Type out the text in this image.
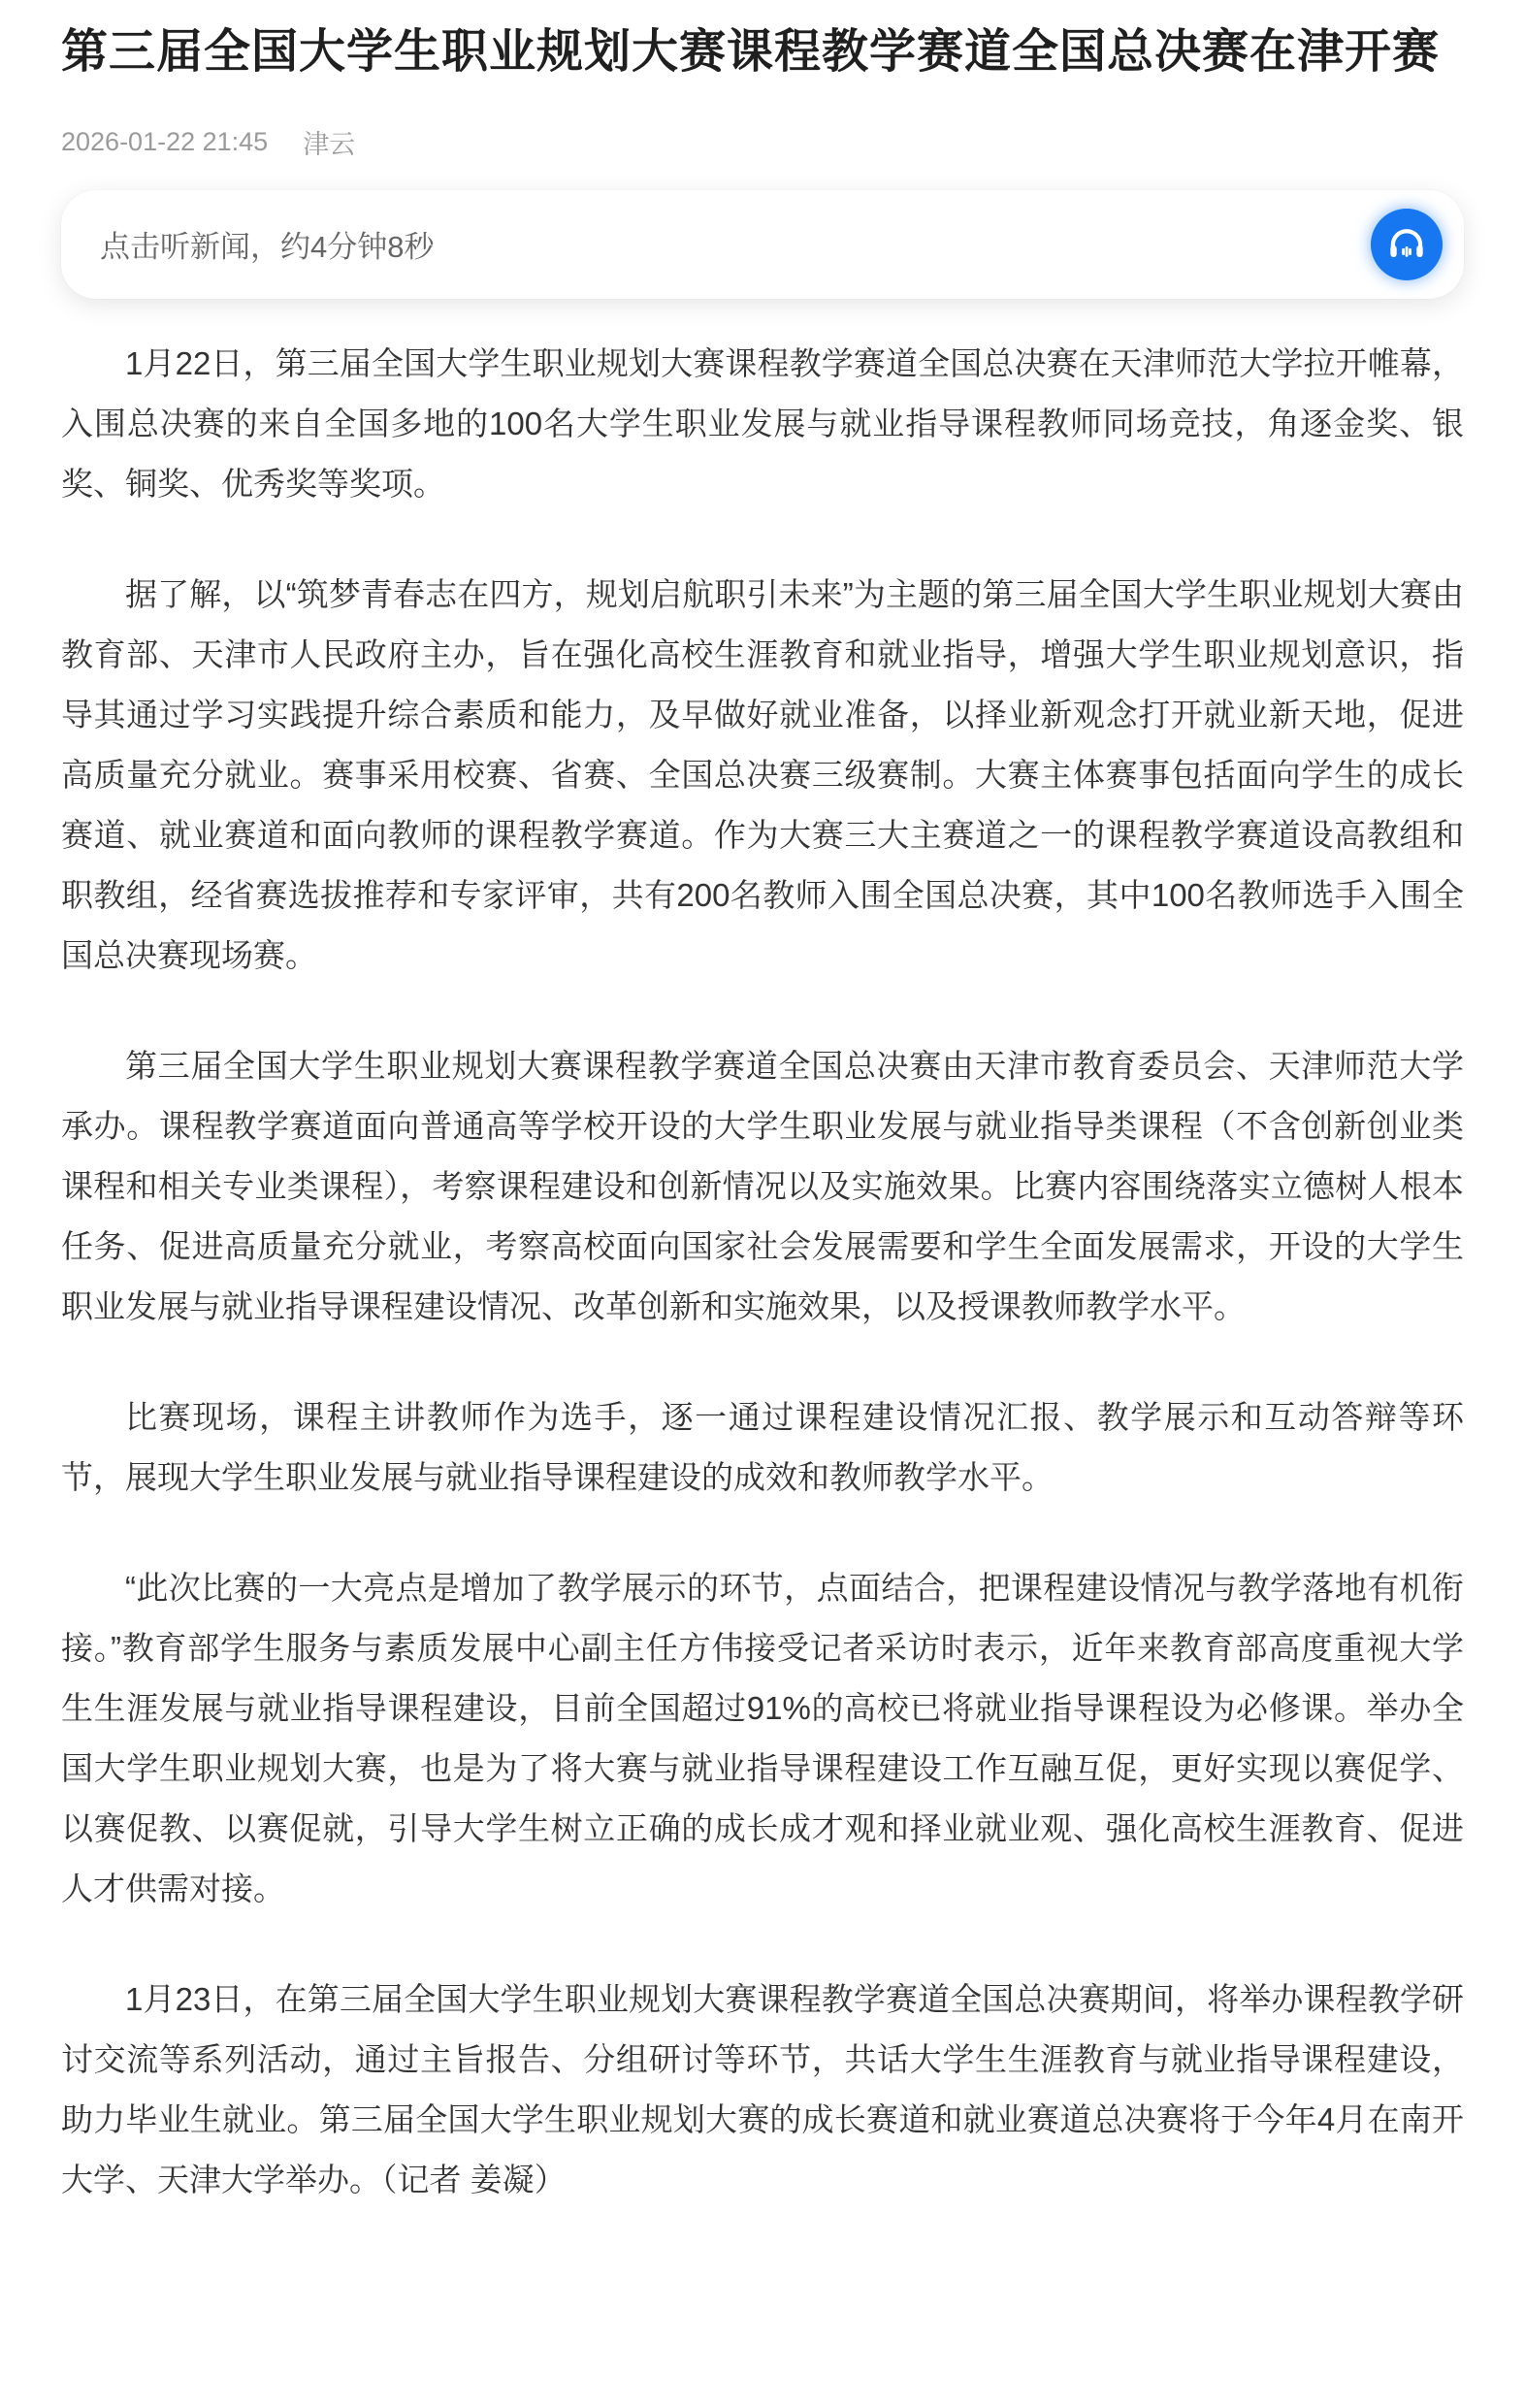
第三届全国大学生职业规划大赛课程教学赛道全国总决赛在津开赛
2026-01-22 21:45 津云
点击听新闻，约4分钟8秒

1月22日，第三届全国大学生职业规划大赛课程教学赛道全国总决赛在天津师范大学拉开帷幕，入围总决赛的来自全国多地的100名大学生职业发展与就业指导课程教师同场竞技，角逐金奖、银奖、铜奖、优秀奖等奖项。

据了解，以“筑梦青春志在四方，规划启航职引未来”为主题的第三届全国大学生职业规划大赛由教育部、天津市人民政府主办，旨在强化高校生涯教育和就业指导，增强大学生职业规划意识，指导其通过学习实践提升综合素质和能力，及早做好就业准备，以择业新观念打开就业新天地，促进高质量充分就业。赛事采用校赛、省赛、全国总决赛三级赛制。大赛主体赛事包括面向学生的成长赛道、就业赛道和面向教师的课程教学赛道。作为大赛三大主赛道之一的课程教学赛道设高教组和职教组，经省赛选拔推荐和专家评审，共有200名教师入围全国总决赛，其中100名教师选手入围全国总决赛现场赛。

第三届全国大学生职业规划大赛课程教学赛道全国总决赛由天津市教育委员会、天津师范大学承办。课程教学赛道面向普通高等学校开设的大学生职业发展与就业指导类课程（不含创新创业类课程和相关专业类课程），考察课程建设和创新情况以及实施效果。比赛内容围绕落实立德树人根本任务、促进高质量充分就业，考察高校面向国家社会发展需要和学生全面发展需求，开设的大学生职业发展与就业指导课程建设情况、改革创新和实施效果，以及授课教师教学水平。

比赛现场，课程主讲教师作为选手，逐一通过课程建设情况汇报、教学展示和互动答辩等环节，展现大学生职业发展与就业指导课程建设的成效和教师教学水平。

“此次比赛的一大亮点是增加了教学展示的环节，点面结合，把课程建设情况与教学落地有机衔接。”教育部学生服务与素质发展中心副主任方伟接受记者采访时表示，近年来教育部高度重视大学生生涯发展与就业指导课程建设，目前全国超过91%的高校已将就业指导课程设为必修课。举办全国大学生职业规划大赛，也是为了将大赛与就业指导课程建设工作互融互促，更好实现以赛促学、以赛促教、以赛促就，引导大学生树立正确的成长成才观和择业就业观、强化高校生涯教育、促进人才供需对接。

1月23日，在第三届全国大学生职业规划大赛课程教学赛道全国总决赛期间，将举办课程教学研讨交流等系列活动，通过主旨报告、分组研讨等环节，共话大学生生涯教育与就业指导课程建设，助力毕业生就业。第三届全国大学生职业规划大赛的成长赛道和就业赛道总决赛将于今年4月在南开大学、天津大学举办。（记者 姜凝）
